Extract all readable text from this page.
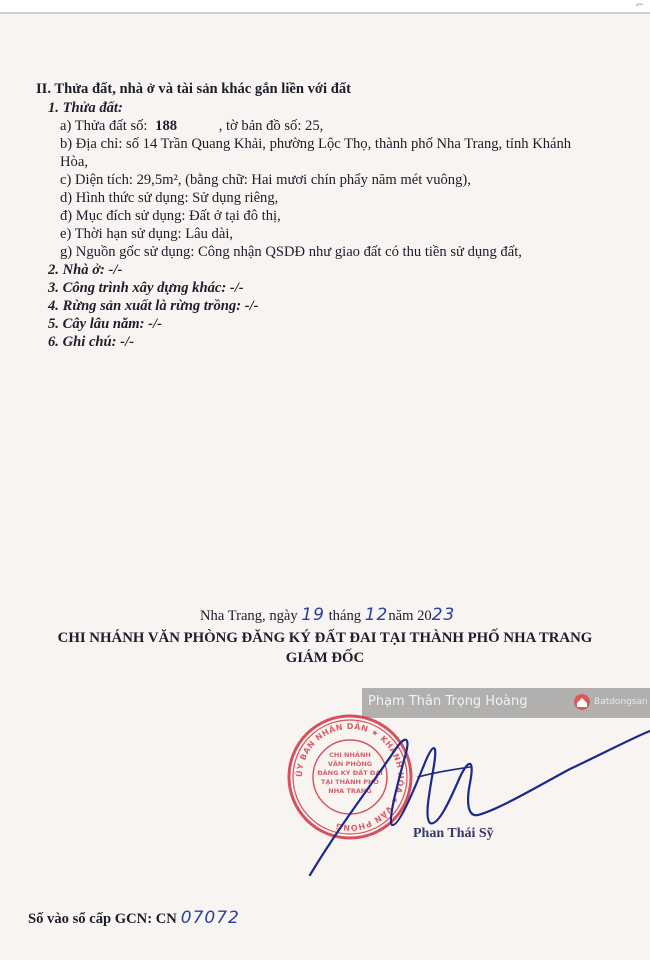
⌐
II. Thửa đất, nhà ở và tài sản khác gắn liền với đất
1. Thửa đất:
a) Thửa đất số: 188	, tờ bản đồ số: 25,
b) Địa chỉ: số 14 Trần Quang Khải, phường Lộc Thọ, thành phố Nha Trang, tỉnh Khánh
Hòa,
c) Diện tích: 29,5m², (bằng chữ: Hai mươi chín phẩy năm mét vuông),
d) Hình thức sử dụng: Sử dụng riêng,
đ) Mục đích sử dụng: Đất ở tại đô thị,
e) Thời hạn sử dụng: Lâu dài,
g) Nguồn gốc sử dụng: Công nhận QSDĐ như giao đất có thu tiền sử dụng đất,
2. Nhà ở: -/-
3. Công trình xây dựng khác: -/-
4. Rừng sản xuất là rừng trồng: -/-
5. Cây lâu năm: -/-
6. Ghi chú: -/-
Nha Trang, ngày 19 tháng 12năm 2023
CHI NHÁNH VĂN PHÒNG ĐĂNG KÝ ĐẤT ĐAI TẠI THÀNH PHỐ NHA TRANG
GIÁM ĐỐC
Phạm Thân Trọng Hoàng	Batdongsan
ỦY BAN NHÂN DÂN ★ KHÁNH HÒA ★ VĂN PHÒNG
CHI NHÁNH
VĂN PHÒNG
ĐĂNG KÝ ĐẤT ĐAI
TẠI THÀNH PHỐ
NHA TRANG
Phan Thái Sỹ
Số vào sổ cấp GCN: CN 07072
